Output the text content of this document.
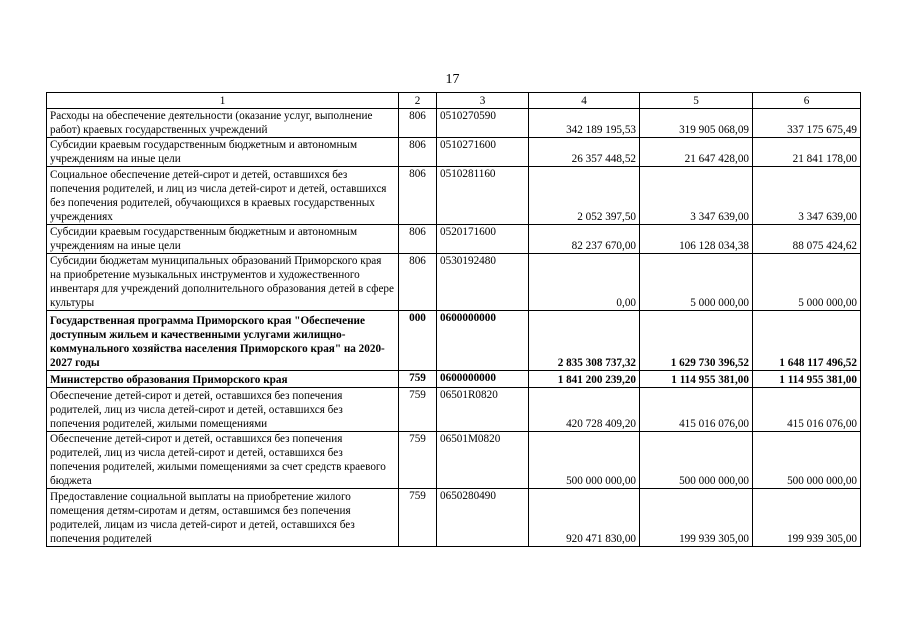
17
1	2	3	4	5	6
Расходы на обеспечение деятельности (оказание услуг, выполнение работ) краевых государственных учреждений	806	0510270590	342 189 195,53	319 905 068,09	337 175 675,49
Субсидии краевым государственным бюджетным и автономным учреждениям на иные цели	806	0510271600	26 357 448,52	21 647 428,00	21 841 178,00
Социальное обеспечение детей-сирот и детей, оставшихся без попечения родителей, и лиц из числа детей-сирот и детей, оставшихся без попечения родителей, обучающихся в краевых государственных учреждениях	806	0510281160	2 052 397,50	3 347 639,00	3 347 639,00
Субсидии краевым государственным бюджетным и автономным учреждениям на иные цели	806	0520171600	82 237 670,00	106 128 034,38	88 075 424,62
Субсидии бюджетам муниципальных образований Приморского края на приобретение музыкальных инструментов и художественного инвентаря для учреждений дополнительного образования детей в сфере культуры	806	0530192480	0,00	5 000 000,00	5 000 000,00
Государственная программа Приморского края "Обеспечение доступным жильем и качественными услугами жилищно-коммунального хозяйства населения Приморского края" на 2020-2027 годы	000	0600000000	2 835 308 737,32	1 629 730 396,52	1 648 117 496,52
Министерство образования Приморского края	759	0600000000	1 841 200 239,20	1 114 955 381,00	1 114 955 381,00
Обеспечение детей-сирот и детей, оставшихся без попечения родителей, лиц из числа детей-сирот и детей, оставшихся без попечения родителей, жилыми помещениями	759	06501R0820	420 728 409,20	415 016 076,00	415 016 076,00
Обеспечение детей-сирот и детей, оставшихся без попечения родителей, лиц из числа детей-сирот и детей, оставшихся без попечения родителей, жилыми помещениями за счет средств краевого бюджета	759	06501M0820	500 000 000,00	500 000 000,00	500 000 000,00
Предоставление социальной выплаты на приобретение жилого помещения детям-сиротам и детям, оставшимся без попечения родителей, лицам из числа детей-сирот и детей, оставшихся без попечения родителей	759	0650280490	920 471 830,00	199 939 305,00	199 939 305,00
